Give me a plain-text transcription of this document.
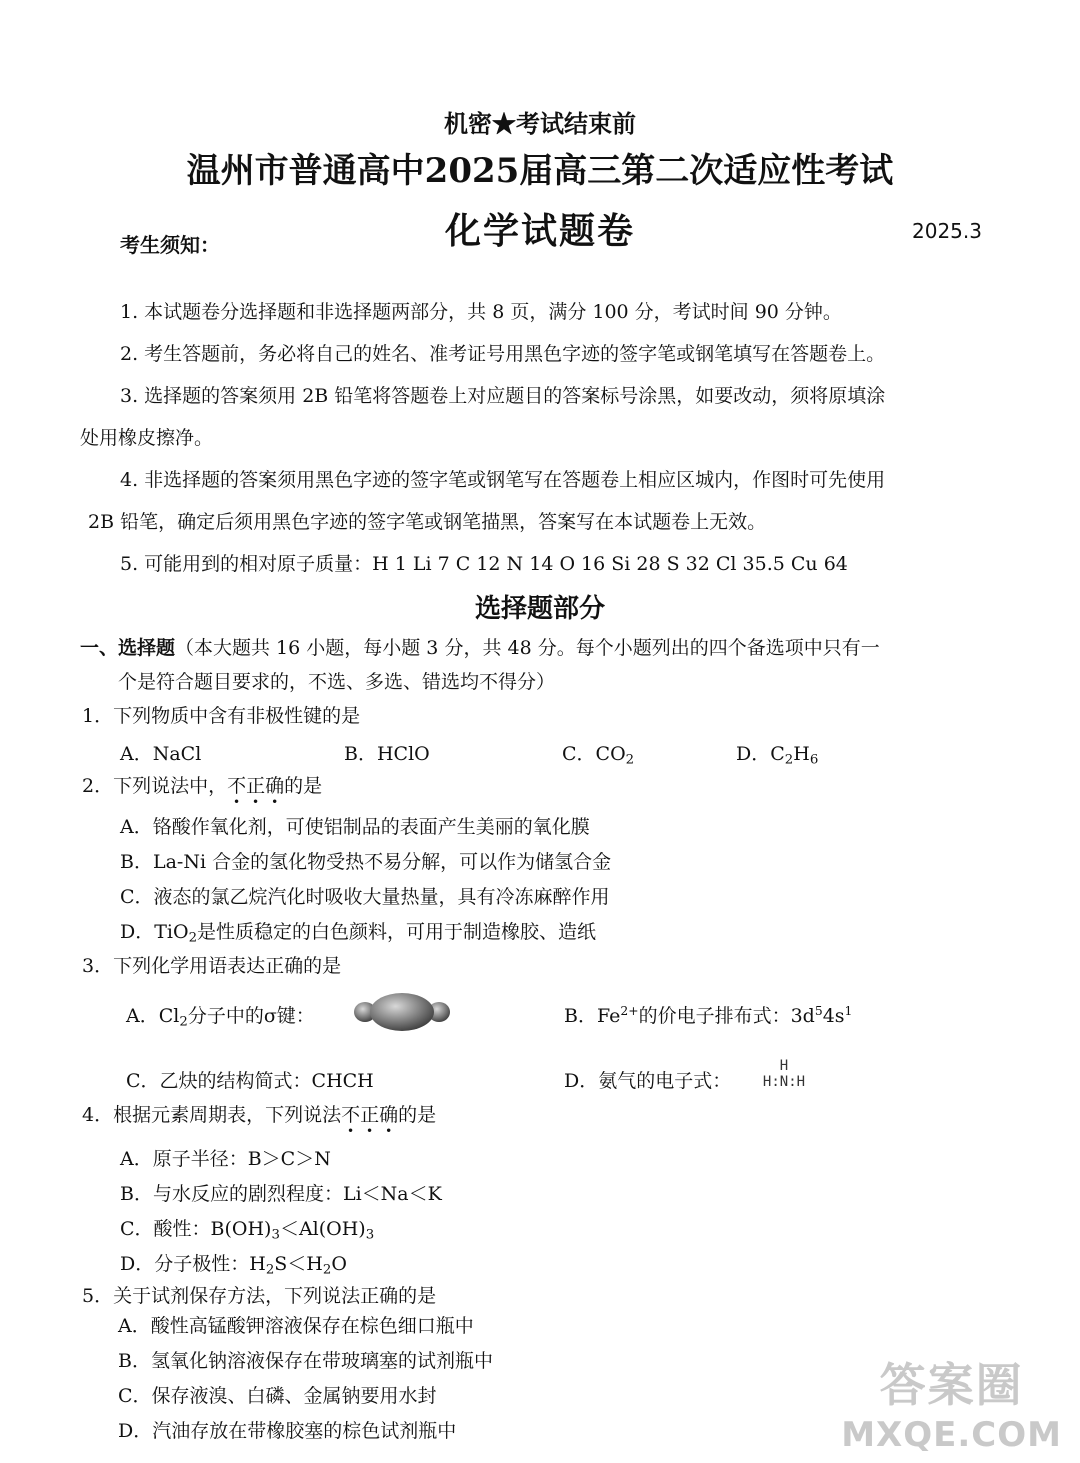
机密★考试结束前
温州市普通高中2025届高三第二次适应性考试
化学试题卷	2025.3
考生须知：
1. 本试题卷分选择题和非选择题两部分，共 8 页，满分 100 分，考试时间 90 分钟。
2. 考生答题前，务必将自己的姓名、准考证号用黑色字迹的签字笔或钢笔填写在答题卷上。
3. 选择题的答案须用 2B 铅笔将答题卷上对应题目的答案标号涂黑，如要改动，须将原填涂
处用橡皮擦净。
4. 非选择题的答案须用黑色字迹的签字笔或钢笔写在答题卷上相应区城内，作图时可先使用
2B 铅笔，确定后须用黑色字迹的签字笔或钢笔描黑，答案写在本试题卷上无效。
5. 可能用到的相对原子质量：H 1 Li 7 C 12 N 14 O 16 Si 28 S 32 Cl 35.5 Cu 64
选择题部分
一、选择题（本大题共 16 小题，每小题 3 分，共 48 分。每个小题列出的四个备选项中只有一
个是符合题目要求的，不选、多选、错选均不得分）
1．下列物质中含有非极性键的是
A．NaCl	B．HClO	C．$CO_2$	D．$C_2H_6$
2．下列说法中，不正确的是
A．铬酸作氧化剂，可使铝制品的表面产生美丽的氧化膜
B．La-Ni 合金的氢化物受热不易分解，可以作为储氢合金
C．液态的氯乙烷汽化时吸收大量热量，具有冷冻麻醉作用
D．TiO$_2$是性质稳定的白色颜料，可用于制造橡胶、造纸
3．下列化学用语表达正确的是
A．$Cl_2$分子中的σ键：	B．$Fe^{2+}$的价电子排布式：$3d^54s^1$
C．乙炔的结构简式：CHCH	D．氨气的电子式：
H
H:N:H
4．根据元素周期表，下列说法不正确的是
A．原子半径：B＞C＞N
B．与水反应的剧烈程度：Li＜Na＜K
C．酸性：$B(OH)_3<Al(OH)_3$
D．分子极性：$H_2S<H_2O$
5．关于试剂保存方法，下列说法正确的是
A．酸性高锰酸钾溶液保存在棕色细口瓶中
B．氢氧化钠溶液保存在带玻璃塞的试剂瓶中
C．保存液溴、白磷、金属钠要用水封
D．汽油存放在带橡胶塞的棕色试剂瓶中
答案圈
MXQE.COM
